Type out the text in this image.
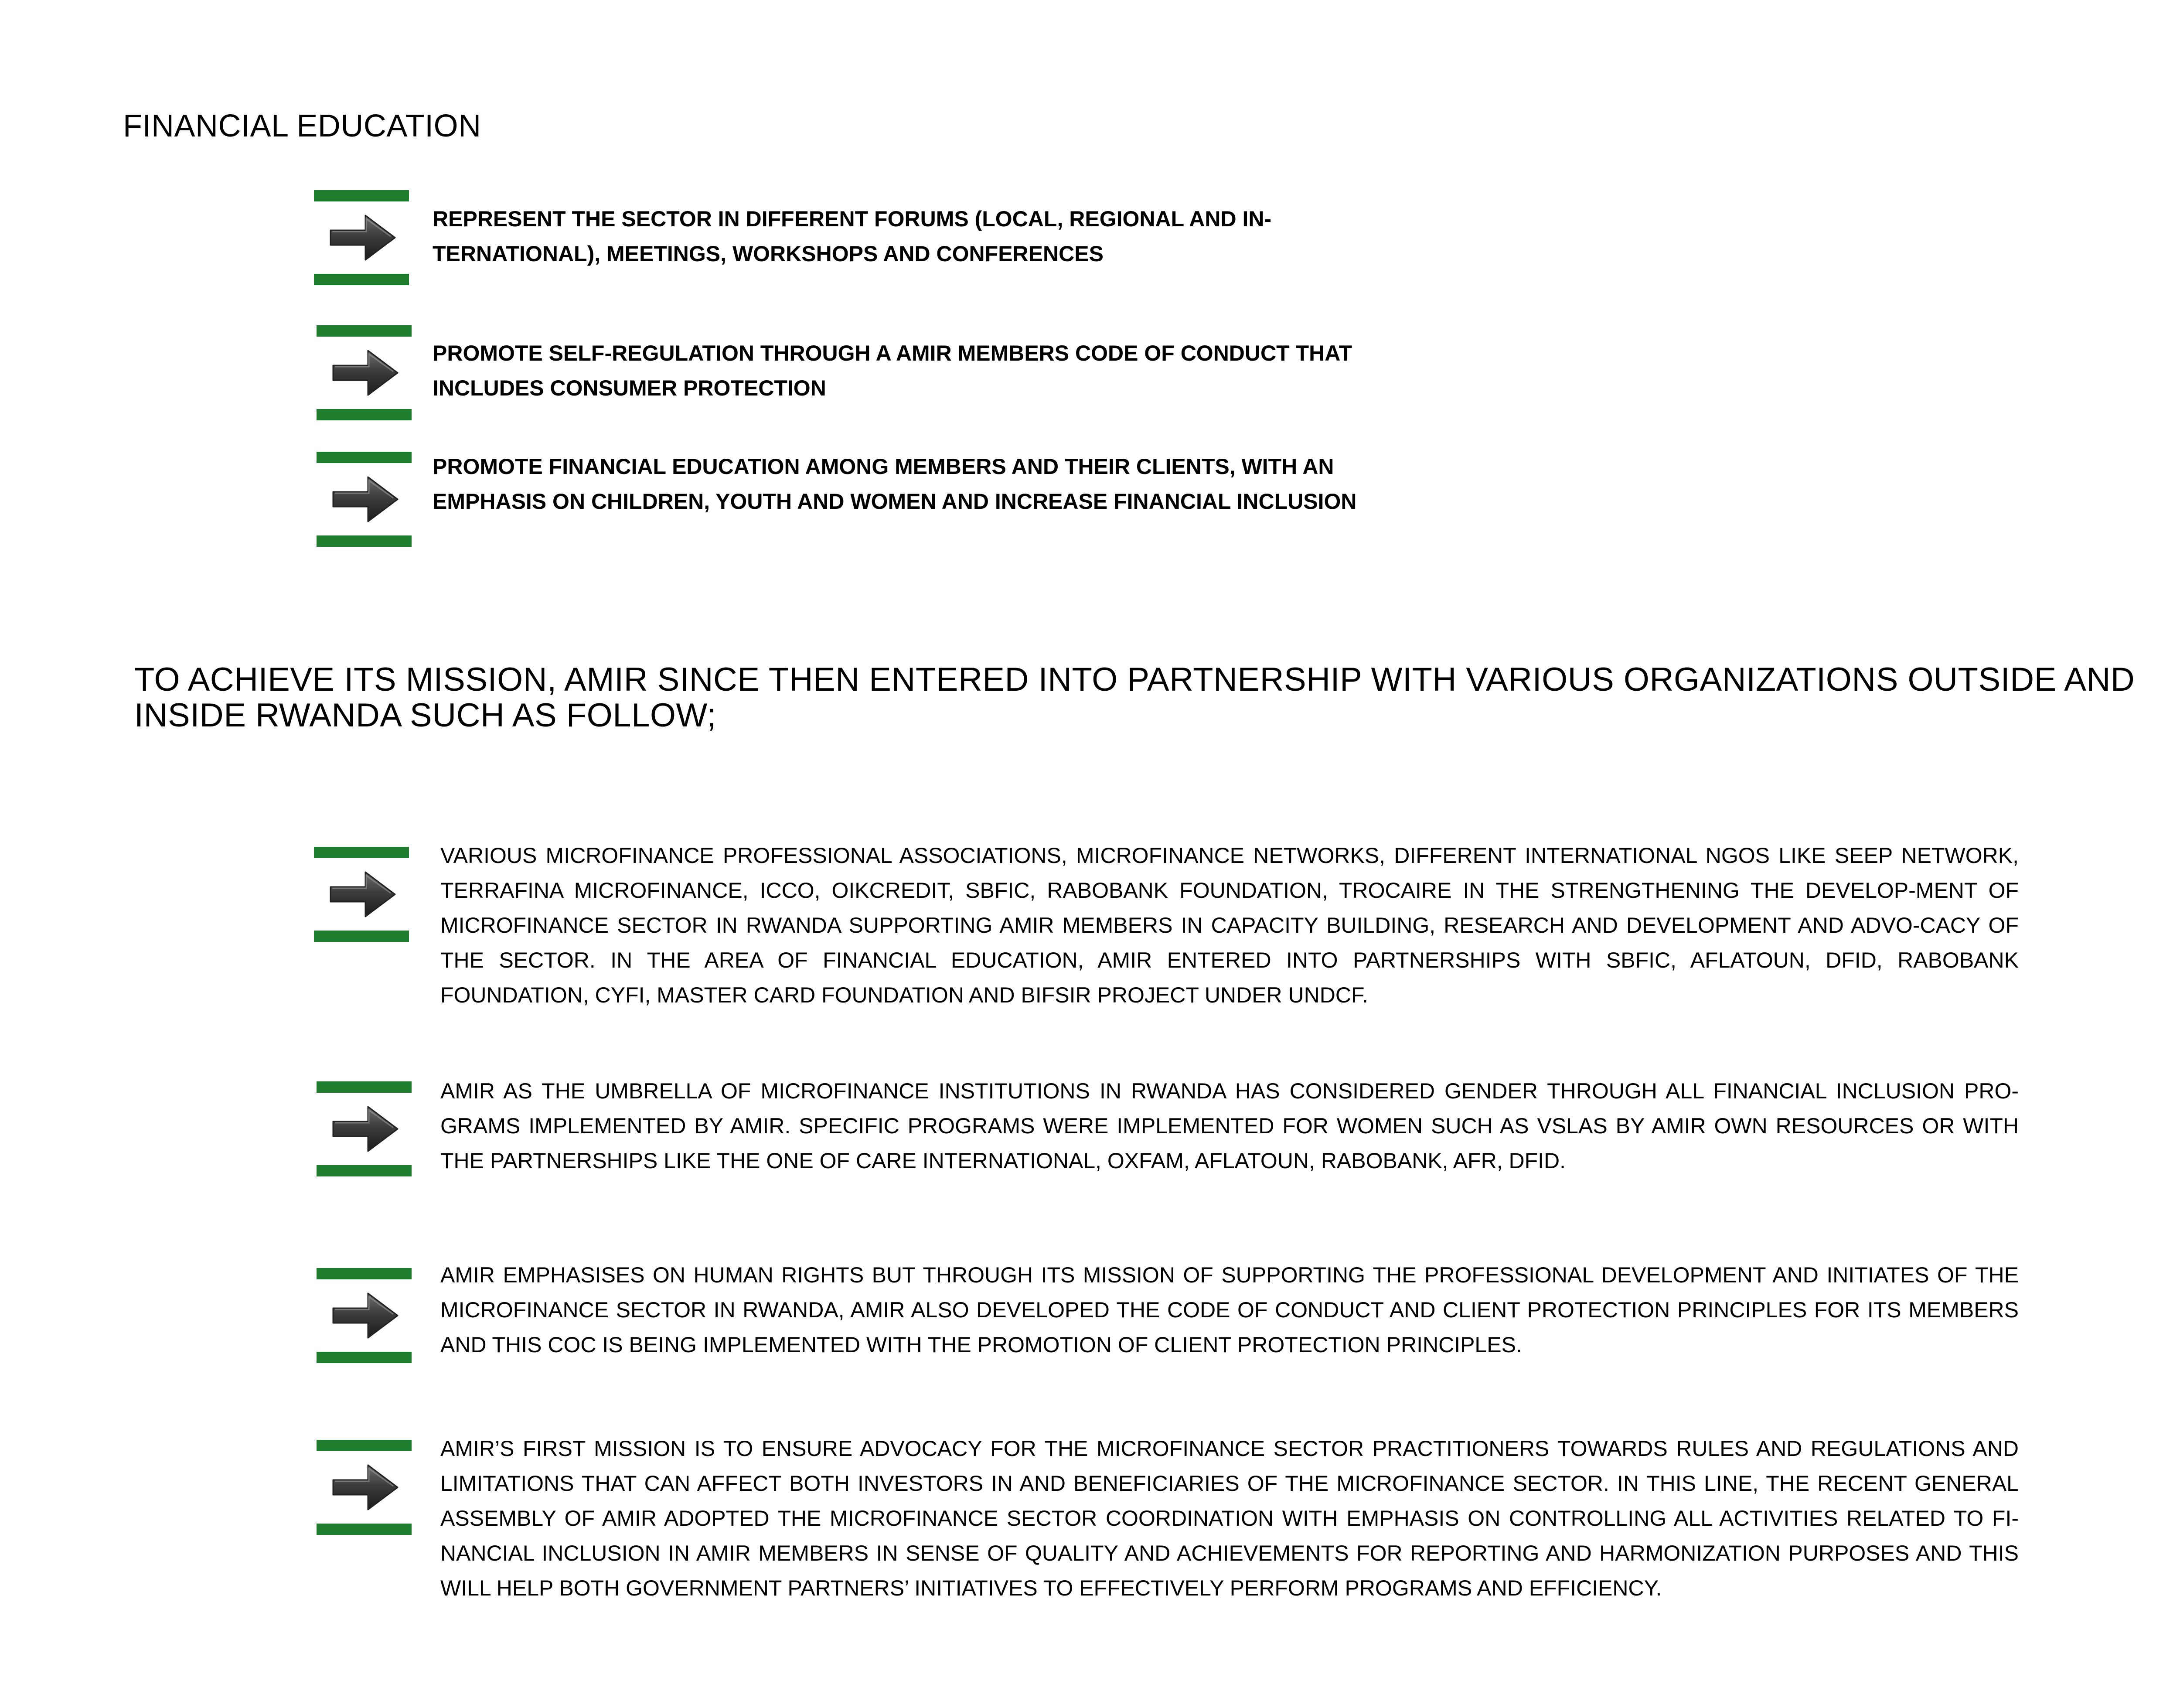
FINANCIAL EDUCATION

REPRESENT THE SECTOR IN DIFFERENT FORUMS (LOCAL, REGIONAL AND IN-TERNATIONAL), MEETINGS, WORKSHOPS AND CONFERENCES

PROMOTE SELF-REGULATION THROUGH A AMIR MEMBERS CODE OF CONDUCT THAT INCLUDES CONSUMER PROTECTION

PROMOTE FINANCIAL EDUCATION AMONG MEMBERS AND THEIR CLIENTS, WITH AN EMPHASIS ON CHILDREN, YOUTH AND WOMEN AND INCREASE FINANCIAL INCLUSION

TO ACHIEVE ITS MISSION, AMIR SINCE THEN ENTERED INTO PARTNERSHIP WITH VARIOUS ORGANIZATIONS OUTSIDE AND INSIDE RWANDA SUCH AS FOLLOW;

VARIOUS MICROFINANCE PROFESSIONAL ASSOCIATIONS, MICROFINANCE NETWORKS, DIFFERENT INTERNATIONAL NGOS LIKE SEEP NETWORK, TERRAFINA MICROFINANCE, ICCO, OIKCREDIT, SBFIC, RABOBANK FOUNDATION, TROCAIRE IN THE STRENGTHENING THE DEVELOP-MENT OF MICROFINANCE SECTOR IN RWANDA SUPPORTING AMIR MEMBERS IN CAPACITY BUILDING, RESEARCH AND DEVELOPMENT AND ADVO-CACY OF THE SECTOR. IN THE AREA OF FINANCIAL EDUCATION, AMIR ENTERED INTO PARTNERSHIPS WITH SBFIC, AFLATOUN, DFID, RABOBANK FOUNDATION, CYFI, MASTER CARD FOUNDATION AND BIFSIR PROJECT UNDER UNDCF.

AMIR AS THE UMBRELLA OF MICROFINANCE INSTITUTIONS IN RWANDA HAS CONSIDERED GENDER THROUGH ALL FINANCIAL INCLUSION PRO-GRAMS IMPLEMENTED BY AMIR. SPECIFIC PROGRAMS WERE IMPLEMENTED FOR WOMEN SUCH AS VSLAS BY AMIR OWN RESOURCES OR WITH THE PARTNERSHIPS LIKE THE ONE OF CARE INTERNATIONAL, OXFAM, AFLATOUN, RABOBANK, AFR, DFID.

AMIR EMPHASISES ON HUMAN RIGHTS BUT THROUGH ITS MISSION OF SUPPORTING THE PROFESSIONAL DEVELOPMENT AND INITIATES OF THE MICROFINANCE SECTOR IN RWANDA, AMIR ALSO DEVELOPED THE CODE OF CONDUCT AND CLIENT PROTECTION PRINCIPLES FOR ITS MEMBERS AND THIS COC IS BEING IMPLEMENTED WITH THE PROMOTION OF CLIENT PROTECTION PRINCIPLES.

AMIR’S FIRST MISSION IS TO ENSURE ADVOCACY FOR THE MICROFINANCE SECTOR PRACTITIONERS TOWARDS RULES AND REGULATIONS AND LIMITATIONS THAT CAN AFFECT BOTH INVESTORS IN AND BENEFICIARIES OF THE MICROFINANCE SECTOR. IN THIS LINE, THE RECENT GENERAL ASSEMBLY OF AMIR ADOPTED THE MICROFINANCE SECTOR COORDINATION WITH EMPHASIS ON CONTROLLING ALL ACTIVITIES RELATED TO FI-NANCIAL INCLUSION IN AMIR MEMBERS IN SENSE OF QUALITY AND ACHIEVEMENTS FOR REPORTING AND HARMONIZATION PURPOSES AND THIS WILL HELP BOTH GOVERNMENT PARTNERS’ INITIATIVES TO EFFECTIVELY PERFORM PROGRAMS AND EFFICIENCY.
